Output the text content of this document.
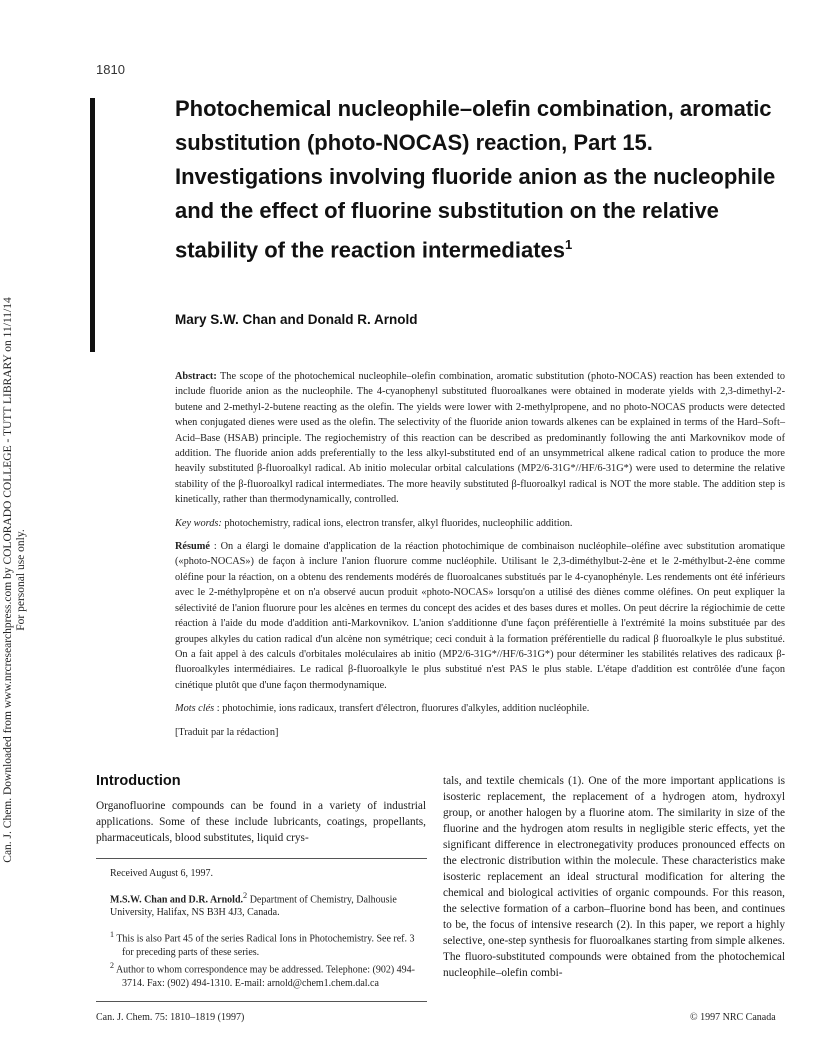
1810
Can. J. Chem. Downloaded from www.nrcresearchpress.com by COLORADO COLLEGE - TUTT LIBRARY on 11/11/14 For personal use only.
Photochemical nucleophile–olefin combination, aromatic substitution (photo-NOCAS) reaction, Part 15. Investigations involving fluoride anion as the nucleophile and the effect of fluorine substitution on the relative stability of the reaction intermediates$^1$
Mary S.W. Chan and Donald R. Arnold

Abstract: The scope of the photochemical nucleophile–olefin combination, aromatic substitution (photo-NOCAS) reaction has been extended to include fluoride anion as the nucleophile. The 4-cyanophenyl substituted fluoroalkanes were obtained in moderate yields with 2,3-dimethyl-2-butene and 2-methyl-2-butene reacting as the olefin. The yields were lower with 2-methylpropene, and no photo-NOCAS products were detected when conjugated dienes were used as the olefin. The selectivity of the fluoride anion towards alkenes can be explained in terms of the Hard–Soft–Acid–Base (HSAB) principle. The regiochemistry of this reaction can be described as predominantly following the anti Markovnikov mode of addition. The fluoride anion adds preferentially to the less alkyl-substituted end of an unsymmetrical alkene radical cation to produce the more heavily substituted β-fluoroalkyl radical. Ab initio molecular orbital calculations (MP2/6-31G*//HF/6-31G*) were used to determine the relative stability of the β-fluoroalkyl radical intermediates. The more heavily substituted β-fluoroalkyl radical is NOT the more stable. The addition step is kinetically, rather than thermodynamically, controlled.

Key words: photochemistry, radical ions, electron transfer, alkyl fluorides, nucleophilic addition.

Résumé : On a élargi le domaine d'application de la réaction photochimique de combinaison nucléophile–oléfine avec substitution aromatique («photo-NOCAS») de façon à inclure l'anion fluorure comme nucléophile. Utilisant le 2,3-diméthylbut-2-ène et le 2-méthylbut-2-ène comme oléfine pour la réaction, on a obtenu des rendements modérés de fluoroalcanes substitués par le 4-cyanophényle. Les rendements ont été inférieurs avec le 2-méthylpropène et on n'a observé aucun produit «photo-NOCAS» lorsqu'on a utilisé des diènes comme oléfines. On peut expliquer la sélectivité de l'anion fluorure pour les alcènes en termes du concept des acides et des bases dures et molles. On peut décrire la régiochimie de cette réaction à l'aide du mode d'addition anti-Markovnikov. L'anion s'additionne d'une façon préférentielle à l'extrémité la moins substituée par des groupes alkyles du cation radical d'un alcène non symétrique; ceci conduit à la formation préférentielle du radical β fluoroalkyle le plus substitué. On a fait appel à des calculs d'orbitales moléculaires ab initio (MP2/6-31G*//HF/6-31G*) pour déterminer les stabilités relatives des radicaux β-fluoroalkyles intermédiaires. Le radical β-fluoroalkyle le plus substitué n'est PAS le plus stable. L'étape d'addition est contrôlée d'une façon cinétique plutôt que d'une façon thermodynamique.

Mots clés : photochimie, ions radicaux, transfert d'électron, fluorures d'alkyles, addition nucléophile.

[Traduit par la rédaction]

Introduction

Organofluorine compounds can be found in a variety of industrial applications. Some of these include lubricants, coatings, propellants, pharmaceuticals, blood substitutes, liquid crys-

Received August 6, 1997.

M.S.W. Chan and D.R. Arnold.$^2$ Department of Chemistry, Dalhousie University, Halifax, NS B3H 4J3, Canada.

$^1$ This is also Part 45 of the series Radical Ions in Photochemistry. See ref. 3 for preceding parts of these series.

$^2$ Author to whom correspondence may be addressed. Telephone: (902) 494-3714. Fax: (902) 494-1310. E-mail: arnold@chem1.chem.dal.ca

tals, and textile chemicals (1). One of the more important applications is isosteric replacement, the replacement of a hydrogen atom, hydroxyl group, or another halogen by a fluorine atom. The similarity in size of the fluorine and the hydrogen atom results in negligible steric effects, yet the significant difference in electronegativity produces pronounced effects on the electronic distribution within the molecule. These characteristics make isosteric replacement an ideal structural modification for altering the chemical and biological activities of organic compounds. For this reason, the selective formation of a carbon–fluorine bond has been, and continues to be, the focus of intensive research (2). In this paper, we report a highly selective, one-step synthesis for fluoroalkanes starting from simple alkenes. The fluoro-substituted compounds were obtained from the photochemical nucleophile–olefin combi-

Can. J. Chem. 75: 1810–1819 (1997)	© 1997 NRC Canada
